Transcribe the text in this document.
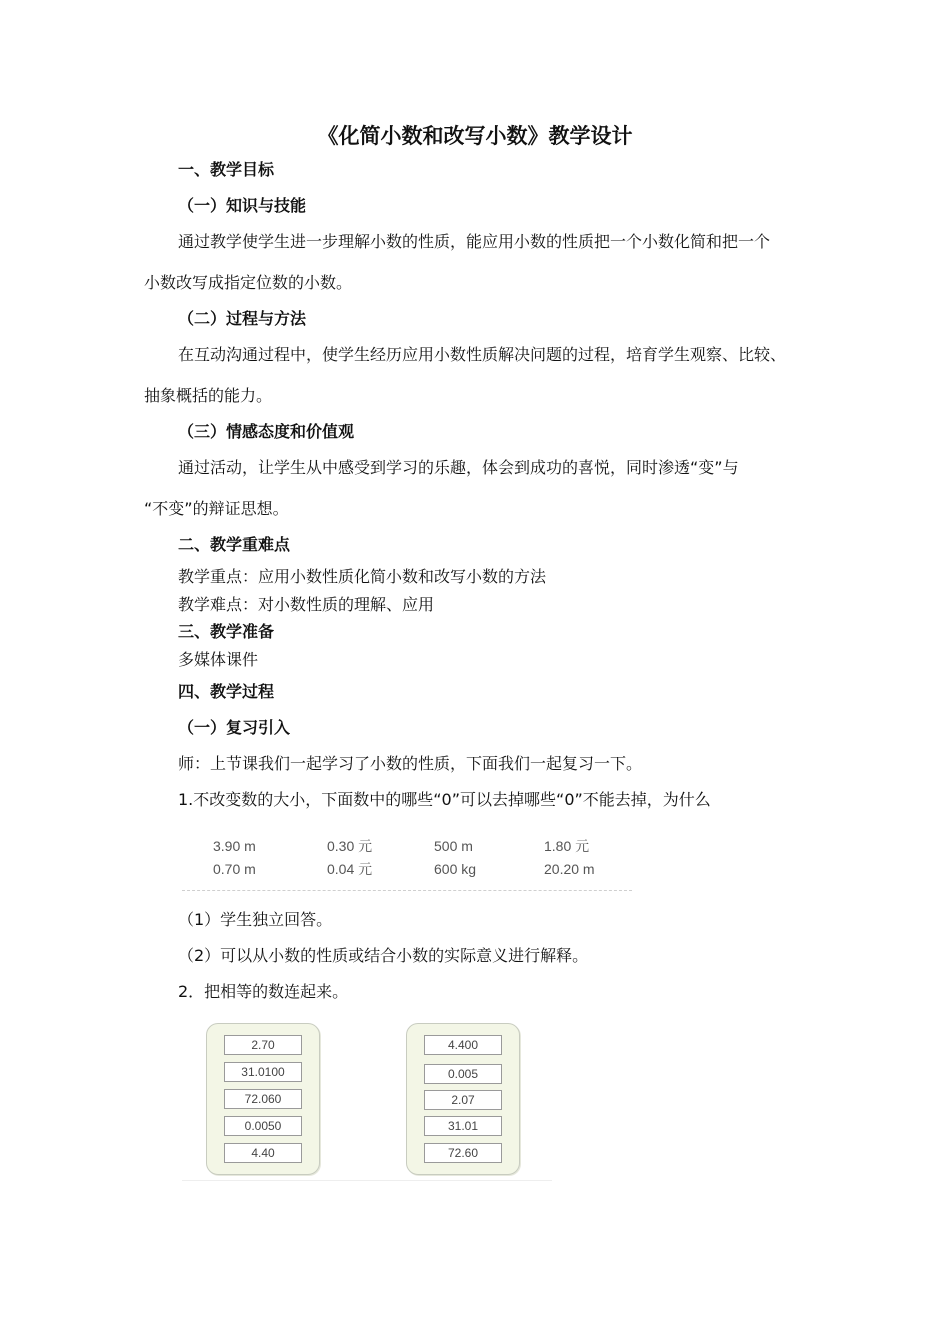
《化简小数和改写小数》教学设计
一、教学目标
（一）知识与技能
通过教学使学生进一步理解小数的性质，能应用小数的性质把一个小数化简和把一个
小数改写成指定位数的小数。
（二）过程与方法
在互动沟通过程中，使学生经历应用小数性质解决问题的过程，培育学生观察、比较、
抽象概括的能力。
（三）情感态度和价值观
通过活动，让学生从中感受到学习的乐趣，体会到成功的喜悦，同时渗透“变”与
“不变”的辩证思想。
二、教学重难点
教学重点：应用小数性质化简小数和改写小数的方法
教学难点：对小数性质的理解、应用
三、教学准备
多媒体课件
四、教学过程
（一）复习引入
师：上节课我们一起学习了小数的性质，下面我们一起复习一下。
1.不改变数的大小，下面数中的哪些“0”可以去掉哪些“0”不能去掉，为什么
3.90 m	0.30 元	500 m	1.80 元
0.70 m	0.04 元	600 kg	20.20 m
（1）学生独立回答。
（2）可以从小数的性质或结合小数的实际意义进行解释。
2．把相等的数连起来。
2.70
31.0100
72.060
0.0050
4.40
4.400
0.005
2.07
31.01
72.60
